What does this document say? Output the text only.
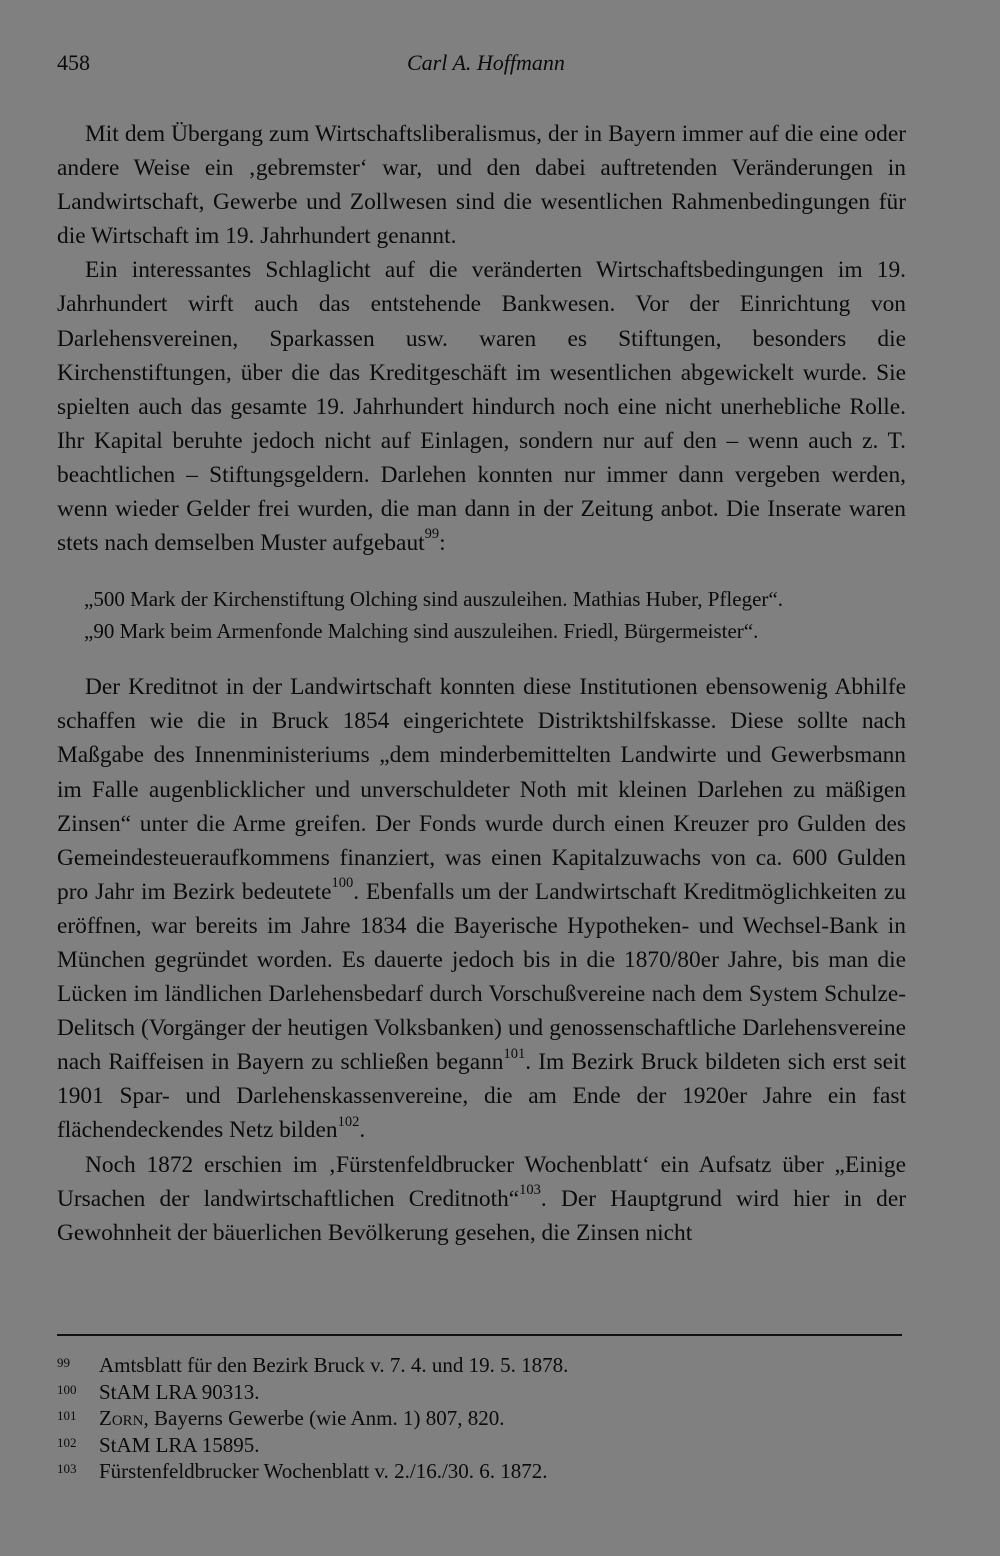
458	Carl A. Hoffmann

Mit dem Übergang zum Wirtschaftsliberalismus, der in Bayern immer auf die eine oder andere Weise ein ‚gebremster‘ war, und den dabei auftretenden Veränderungen in Landwirtschaft, Gewerbe und Zollwesen sind die wesentlichen Rahmenbedingungen für die Wirtschaft im 19. Jahrhundert genannt.

Ein interessantes Schlaglicht auf die veränderten Wirtschaftsbedingungen im 19. Jahrhundert wirft auch das entstehende Bankwesen. Vor der Einrichtung von Darlehensvereinen, Sparkassen usw. waren es Stiftungen, besonders die Kirchenstiftungen, über die das Kreditgeschäft im wesentlichen abgewickelt wurde. Sie spielten auch das gesamte 19. Jahrhundert hindurch noch eine nicht unerhebliche Rolle. Ihr Kapital beruhte jedoch nicht auf Einlagen, sondern nur auf den – wenn auch z. T. beachtlichen – Stiftungsgeldern. Darlehen konnten nur immer dann vergeben werden, wenn wieder Gelder frei wurden, die man dann in der Zeitung anbot. Die Inserate waren stets nach demselben Muster aufgebaut$^{99}$:

„500 Mark der Kirchenstiftung Olching sind auszuleihen. Mathias Huber, Pfleger“.
„90 Mark beim Armenfonde Malching sind auszuleihen. Friedl, Bürgermeister“.

Der Kreditnot in der Landwirtschaft konnten diese Institutionen ebensowenig Abhilfe schaffen wie die in Bruck 1854 eingerichtete Distriktshilfskasse. Diese sollte nach Maßgabe des Innenministeriums „dem minderbemittelten Landwirte und Gewerbsmann im Falle augenblicklicher und unverschuldeter Noth mit kleinen Darlehen zu mäßigen Zinsen“ unter die Arme greifen. Der Fonds wurde durch einen Kreuzer pro Gulden des Gemeindesteueraufkommens finanziert, was einen Kapitalzuwachs von ca. 600 Gulden pro Jahr im Bezirk bedeutete$^{100}$. Ebenfalls um der Landwirtschaft Kreditmöglichkeiten zu eröffnen, war bereits im Jahre 1834 die Bayerische Hypotheken- und Wechsel-Bank in München gegründet worden. Es dauerte jedoch bis in die 1870/80er Jahre, bis man die Lücken im ländlichen Darlehensbedarf durch Vorschußvereine nach dem System Schulze-Delitsch (Vorgänger der heutigen Volksbanken) und genossenschaftliche Darlehensvereine nach Raiffeisen in Bayern zu schließen begann$^{101}$. Im Bezirk Bruck bildeten sich erst seit 1901 Spar- und Darlehenskassenvereine, die am Ende der 1920er Jahre ein fast flächendeckendes Netz bilden$^{102}$.

Noch 1872 erschien im ‚Fürstenfeldbrucker Wochenblatt‘ ein Aufsatz über „Einige Ursachen der landwirtschaftlichen Creditnoth“$^{103}$. Der Hauptgrund wird hier in der Gewohnheit der bäuerlichen Bevölkerung gesehen, die Zinsen nicht

99 Amtsblatt für den Bezirk Bruck v. 7. 4. und 19. 5. 1878.
100 StAM LRA 90313.
101 Zorn, Bayerns Gewerbe (wie Anm. 1) 807, 820.
102 StAM LRA 15895.
103 Fürstenfeldbrucker Wochenblatt v. 2./16./30. 6. 1872.
